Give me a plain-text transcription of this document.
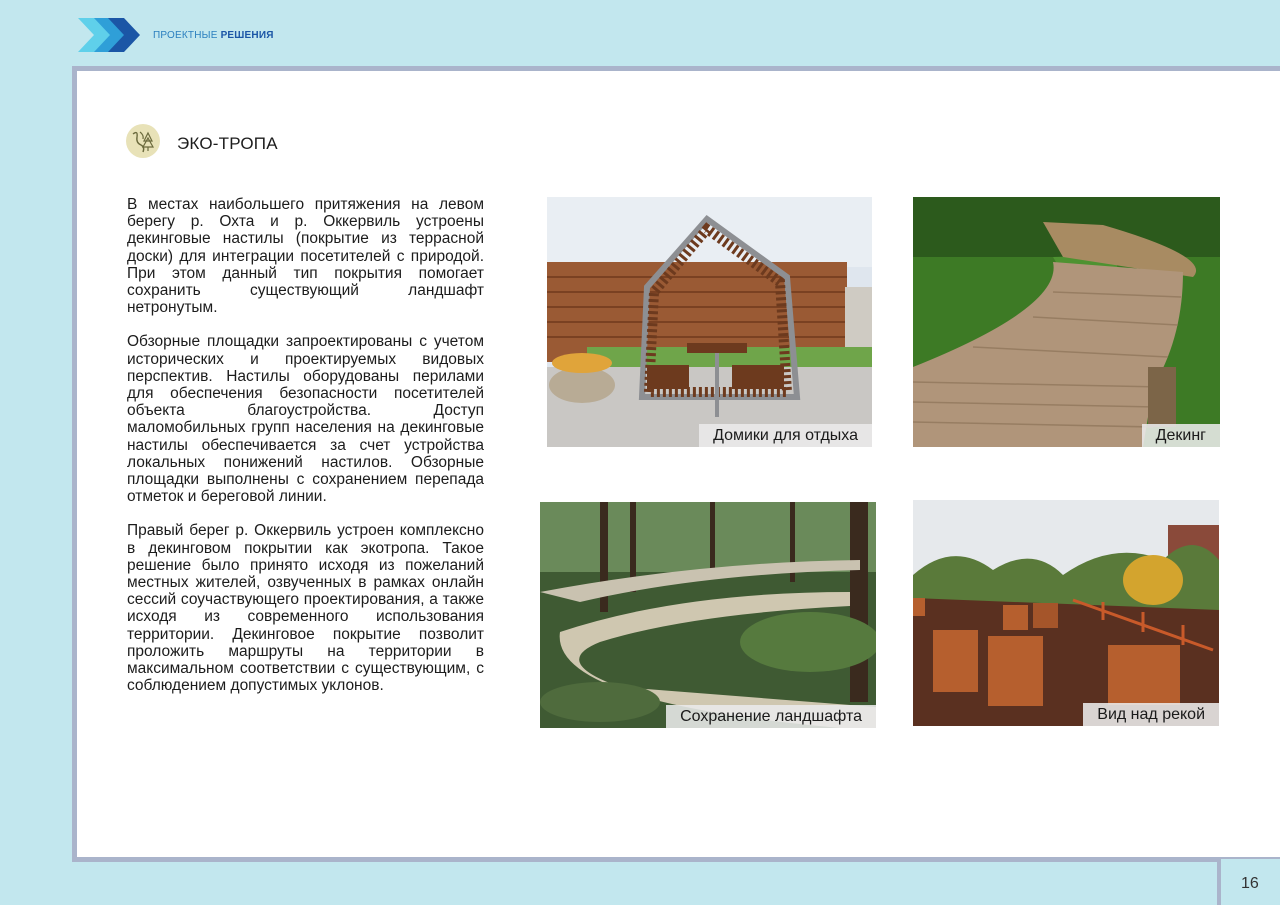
ПРОЕКТНЫЕ РЕШЕНИЯ
ЭКО-ТРОПА

В местах наибольшего притяжения на левом берегу р. Охта и р. Оккервиль устроены декинговые настилы (покрытие из террасной доски) для интеграции посетителей с природой. При этом данный тип покрытия помогает сохранить существующий ландшафт нетронутым.

Обзорные площадки запроектированы с учетом исторических и проектируемых видовых перспектив. Настилы оборудованы перилами для обеспечения безопасности посетителей объекта благоустройства. Доступ маломобильных групп населения на декинговые настилы обеспечивается за счет устройства локальных понижений настилов. Обзорные площадки выполнены с сохранением перепада отметок и береговой линии.

Правый берег р. Оккервиль устроен комплексно в декинговом покрытии как экотропа. Такое решение было принято исходя из пожеланий местных жителей, озвученных в рамках онлайн сессий соучаствующего проектирования, а также исходя из современного использования территории. Декинговое покрытие позволит проложить маршруты на территории в максимальном соответствии с существующим, с соблюдением допустимых уклонов.

Домики для отдыха	Декинг
Сохранение ландшафта	Вид над рекой
16
